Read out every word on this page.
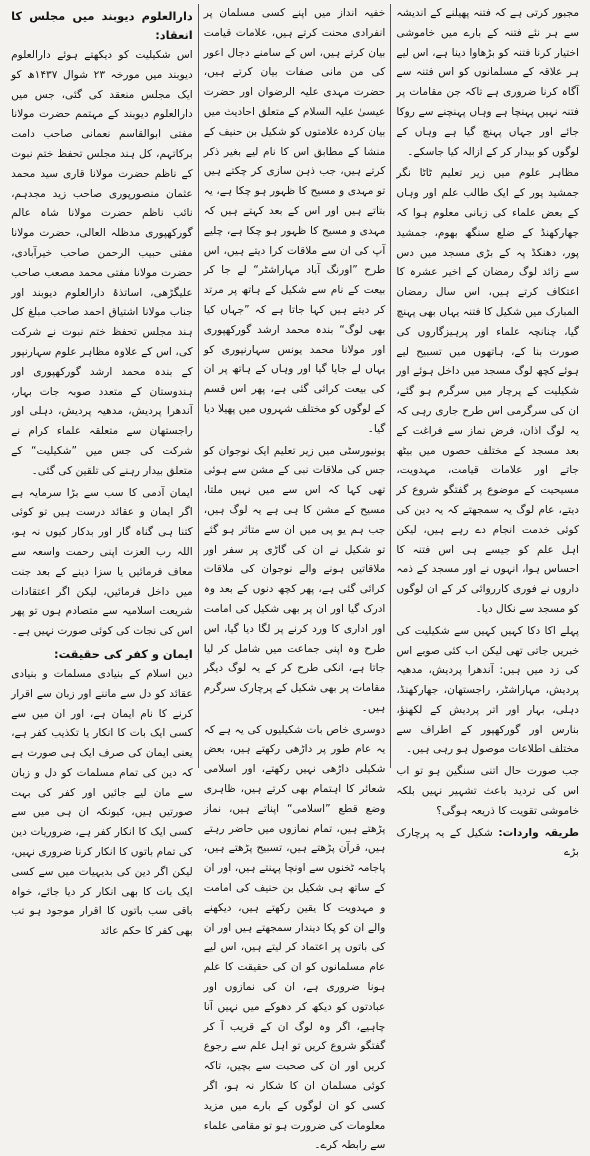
مجبور کرتی ہے کہ فتنہ پھیلنے کے اندیشہ سے ہر نئے فتنہ کے بارے میں خاموشی اختیار کرنا فتنہ کو بڑھاوا دینا ہے، اس لیے ہر علاقہ کے مسلمانوں کو اس فتنہ سے آگاہ کرنا ضروری ہے تاکہ جن مقامات پر فتنہ نہیں پہنچا ہے وہاں پہنچنے سے روکا جائے اور جہاں پہنچ گیا ہے وہاں کے لوگوں کو بیدار کر کے ازالہ کیا جاسکے۔

مظاہر علوم میں زیر تعلیم ٹاٹا نگر جمشید پور کے ایک طالب علم اور وہاں کے بعض علماء کی زبانی معلوم ہوا کہ جھارکھنڈ کے ضلع سنگھ بھوم، جمشید پور، دھنکڈ پہ کے بڑی مسجد میں دس سے زائد لوگ رمضان کے اخیر عشرہ کا اعتکاف کرتے ہیں، اس سال رمضان المبارک میں شکیل کا فتنہ یہاں بھی پہنچ گیا، چنانچہ علماء اور پرہیزگاروں کی صورت بنا کے، ہاتھوں میں تسبیح لیے ہوئے کچھ لوگ مسجد میں داخل ہوئے اور شکیلیت کے پرچار میں سرگرم ہو گئے، ان کی سرگرمی اس طرح جاری رہی کہ یہ لوگ اذان، فرض نماز سے فراغت کے بعد مسجد کے مختلف حصوں میں بیٹھ جاتے اور علامات قیامت، مہدویت، مسیحیت کے موضوع پر گفتگو شروع کر دیتے، عام لوگ یہ سمجھتے کہ یہ دین کی کوئی خدمت انجام دے رہے ہیں، لیکن اہل علم کو جیسے ہی اس فتنہ کا احساس ہوا، انہوں نے اور مسجد کے ذمہ داروں نے فوری کارروائی کر کے ان لوگوں کو مسجد سے نکال دیا۔

پہلے اکا دکا کہیں کہیں سے شکیلیت کی خبریں جاتی تھی لیکن اب کئی صوبے اس کی زد میں ہیں: آندھرا پردیش، مدھیہ پردیش، مہاراشٹر، راجستھان، جھارکھنڈ، دہلی، بہار اور اتر پردیش کے لکھنؤ، بنارس اور گورکھپور کے اطراف سے مختلف اطلاعات موصول ہو رہی ہیں۔

جب صورت حال اتنی سنگین ہو تو اب اس کی تردید باعث تشہیر نہیں بلکہ خاموشی تقویت کا ذریعہ ہوگی؟

طریقہ واردات: شکیل کے یہ پرچارک بڑے

خفیہ انداز میں اپنے کسی مسلمان پر انفرادی محنت کرتے ہیں، علامات قیامت بیان کرتے ہیں، اس کے سامنے دجال اعور کی من مانی صفات بیان کرتے ہیں، حضرت مہدی علیہ الرضوان اور حضرت عیسیٰ علیہ السلام کے متعلق احادیث میں بیان کردہ علامتوں کو شکیل بن حنیف کے منشا کے مطابق اس کا نام لیے بغیر ذکر کرتے ہیں، جب ذہن سازی کر چکتے ہیں تو مہدی و مسیح کا ظہور ہو چکا ہے، یہ بتاتے ہیں اور اس کے بعد کہتے ہیں کہ مہدی و مسیح کا ظہور ہو چکا ہے، چلیے آپ کی ان سے ملاقات کرا دیتے ہیں، اس طرح ”اورنگ آباد مہاراشٹر“ لے جا کر بیعت کے نام سے شکیل کے ہاتھ پر مرتد کر دیتے ہیں کہا جاتا ہے کہ ”جہاں کیا بھی لوگ“ بندہ محمد ارشد گورکھپوری اور مولانا محمد یونس سہارنپوری کو یہاں لے جایا گیا اور وہاں کے ہاتھ پر ان کی بیعت کرائی گئی ہے، پھر اس قسم کے لوگوں کو مختلف شہروں میں پھیلا دیا گیا۔

یونیورسٹی میں زیر تعلیم ایک نوجوان کو جس کی ملاقات نبی کے مشن سے ہوئی تھی کہا کہ اس سے میں نہیں ملتا، مسیح کے مشن کا ہی ہے یہ لوگ ہیں، جب ہم یو پی میں ان سے متاثر ہو گئے تو شکیل نے ان کی گاڑی پر سفر اور ملاقاتیں ہونے والے نوجوان کی ملاقات کرائی گئی ہے، پھر کچھ دنوں کے بعد وہ ادرک گیا اور ان پر بھی شکیل کی امامت اور اداری کا ورد کرنے پر لگا دیا گیا، اس طرح وہ اپنی جماعت میں شامل کر لیا جاتا ہے، انکی طرح کر کے یہ لوگ دیگر مقامات پر بھی شکیل کے پرچارک سرگرم ہیں۔

دوسری خاص بات شکیلیوں کی یہ ہے کہ یہ عام طور پر داڑھی رکھتے ہیں، بعض شکیلی داڑھی نہیں رکھتے، اور اسلامی شعائر کا اہتمام بھی کرتے ہیں، ظاہری وضع قطع ”اسلامی“ اپناتے ہیں، نماز پڑھتے ہیں، تمام نمازوں میں حاضر رہتے ہیں، قرآن پڑھتے ہیں، تسبیح پڑھتے ہیں، پاجامہ ٹخنوں سے اونچا پہنتے ہیں، اور ان کے ساتھ ہی شکیل بن حنیف کی امامت و مہدویت کا یقین رکھتے ہیں، دیکھنے والے ان کو پکا دیندار سمجھتے ہیں اور ان کی باتوں پر اعتماد کر لیتے ہیں، اس لیے عام مسلمانوں کو ان کی حقیقت کا علم ہونا ضروری ہے، ان کی نمازوں اور عبادتوں کو دیکھ کر دھوکے میں نہیں آنا چاہیے، اگر وہ لوگ ان کے قریب آ کر گفتگو شروع کریں تو اہل علم سے رجوع کریں اور ان کی صحبت سے بچیں، تاکہ کوئی مسلمان ان کا شکار نہ ہو، اگر کسی کو ان لوگوں کے بارے میں مزید معلومات کی ضرورت ہو تو مقامی علماء سے رابطہ کرے۔

دارالعلوم دیوبند میں مجلس کا انعقاد:

اس شکیلیت کو دیکھتے ہوئے دارالعلوم دیوبند میں مورخہ ۲۳ شوال ۱۴۳۷ھ کو ایک مجلس منعقد کی گئی، جس میں دارالعلوم دیوبند کے مہتمم حضرت مولانا مفتی ابوالقاسم نعمانی صاحب دامت برکاتہم، کل ہند مجلس تحفظ ختم نبوت کے ناظم حضرت مولانا قاری سید محمد عثمان منصورپوری صاحب زید مجدہم، نائب ناظم حضرت مولانا شاہ عالم گورکھپوری مدظلہ العالی، حضرت مولانا مفتی حبیب الرحمن صاحب خیرآبادی، حضرت مولانا مفتی محمد مصعب صاحب علیگڑھی، اساتذۂ دارالعلوم دیوبند اور جناب مولانا اشتیاق احمد صاحب مبلغ کل ہند مجلس تحفظ ختم نبوت نے شرکت کی، اس کے علاوہ مظاہر علوم سہارنپور کے بندہ محمد ارشد گورکھپوری اور ہندوستان کے متعدد صوبہ جات بہار، آندھرا پردیش، مدھیہ پردیش، دہلی اور راجستھان سے متعلقہ علماء کرام نے شرکت کی جس میں ”شکیلیت“ کے متعلق بیدار رہنے کی تلقین کی گئی۔

ایمان آدمی کا سب سے بڑا سرمایہ ہے اگر ایمان و عقائد درست ہیں تو کوئی کتنا ہی گناہ گار اور بدکار کیوں نہ ہو، اللہ رب العزت اپنی رحمت واسعہ سے معاف فرمائیں یا سزا دینے کے بعد جنت میں داخل فرمائیں، لیکن اگر اعتقادات شریعت اسلامیہ سے متصادم ہوں تو پھر اس کی نجات کی کوئی صورت نہیں ہے۔

ایمان و کفر کی حقیقت:

دین اسلام کے بنیادی مسلمات و بنیادی عقائد کو دل سے ماننے اور زبان سے اقرار کرنے کا نام ایمان ہے، اور ان میں سے کسی ایک بات کا انکار یا تکذیب کفر ہے، یعنی ایمان کی صرف ایک ہی صورت ہے کہ دین کی تمام مسلمات کو دل و زبان سے مان لیے جائیں اور کفر کی بہت صورتیں ہیں، کیونکہ ان ہی میں سے کسی ایک کا انکار کفر ہے، ضروریات دین کی تمام باتوں کا انکار کرنا ضروری نہیں، لیکن اگر دین کی بدیہیات میں سے کسی ایک بات کا بھی انکار کر دیا جائے، خواہ باقی سب باتوں کا اقرار موجود ہو تب بھی کفر کا حکم عائد
